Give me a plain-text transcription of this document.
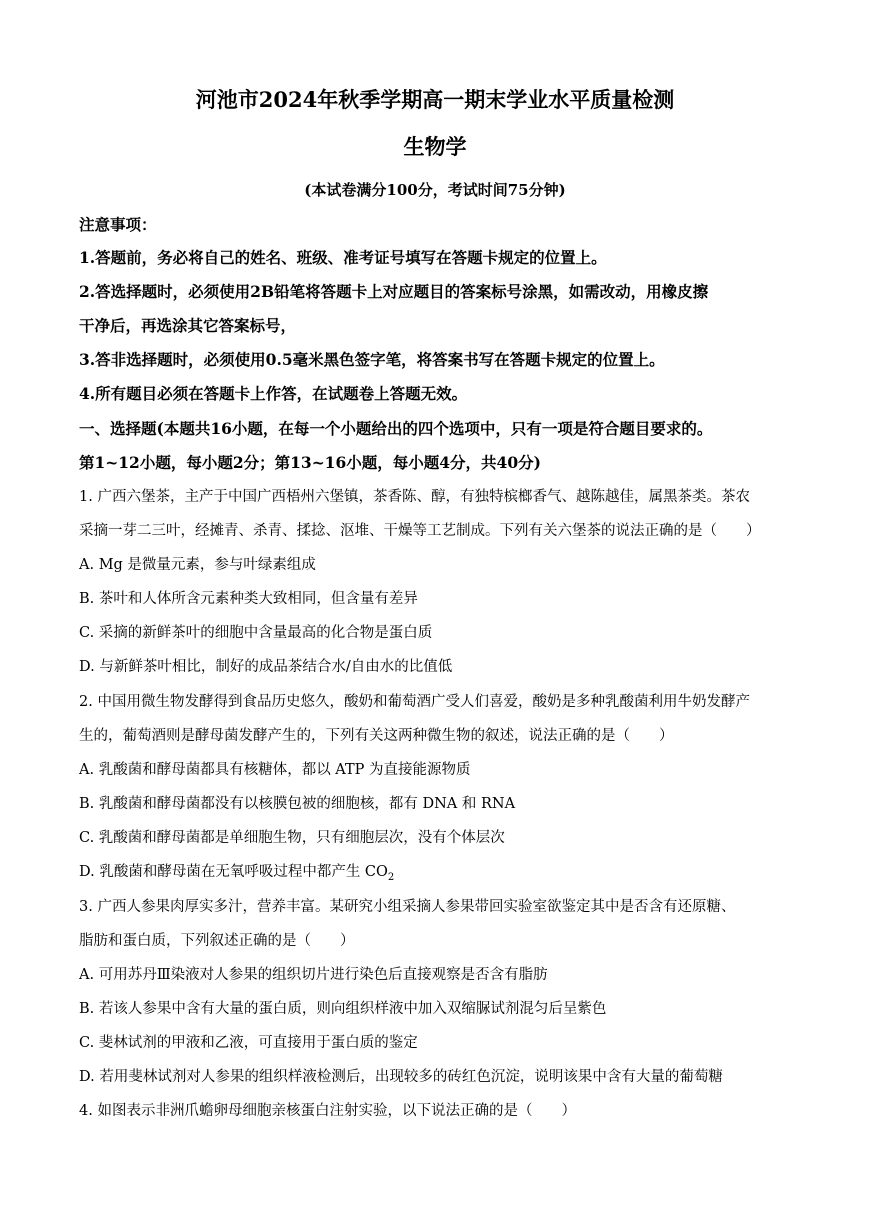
河池市2024年秋季学期高一期末学业水平质量检测
生物学
(本试卷满分100分，考试时间75分钟)
注意事项：
1.答题前，务必将自己的姓名、班级、准考证号填写在答题卡规定的位置上。
2.答选择题时，必须使用2B铅笔将答题卡上对应题目的答案标号涂黑，如需改动，用橡皮擦
干净后，再选涂其它答案标号，
3.答非选择题时，必须使用0.5毫米黑色签字笔，将答案书写在答题卡规定的位置上。
4.所有题目必须在答题卡上作答，在试题卷上答题无效。
一、选择题(本题共16小题，在每一个小题给出的四个选项中，只有一项是符合题目要求的。
第1~12小题，每小题2分；第13~16小题，每小题4分，共40分)
1. 广西六堡茶，主产于中国广西梧州六堡镇，茶香陈、醇，有独特槟榔香气、越陈越佳，属黑茶类。茶农
采摘一芽二三叶，经摊青、杀青、揉捻、沤堆、干燥等工艺制成。下列有关六堡茶的说法正确的是（　　）
A. Mg 是微量元素，参与叶绿素组成
B. 茶叶和人体所含元素种类大致相同，但含量有差异
C. 采摘的新鲜茶叶的细胞中含量最高的化合物是蛋白质
D. 与新鲜茶叶相比，制好的成品茶结合水/自由水的比值低
2. 中国用微生物发酵得到食品历史悠久，酸奶和葡萄酒广受人们喜爱，酸奶是多种乳酸菌利用牛奶发酵产
生的，葡萄酒则是酵母菌发酵产生的，下列有关这两种微生物的叙述，说法正确的是（　　）
A. 乳酸菌和酵母菌都具有核糖体，都以 ATP 为直接能源物质
B. 乳酸菌和酵母菌都没有以核膜包被的细胞核，都有 DNA 和 RNA
C. 乳酸菌和酵母菌都是单细胞生物，只有细胞层次，没有个体层次
D. 乳酸菌和酵母菌在无氧呼吸过程中都产生 $CO_2$
3. 广西人参果肉厚实多汁，营养丰富。某研究小组采摘人参果带回实验室欲鉴定其中是否含有还原糖、
脂肪和蛋白质，下列叙述正确的是（　　）
A. 可用苏丹Ⅲ染液对人参果的组织切片进行染色后直接观察是否含有脂肪
B. 若该人参果中含有大量的蛋白质，则向组织样液中加入双缩脲试剂混匀后呈紫色
C. 斐林试剂的甲液和乙液，可直接用于蛋白质的鉴定
D. 若用斐林试剂对人参果的组织样液检测后，出现较多的砖红色沉淀，说明该果中含有大量的葡萄糖
4. 如图表示非洲爪蟾卵母细胞亲核蛋白注射实验，以下说法正确的是（　　）
